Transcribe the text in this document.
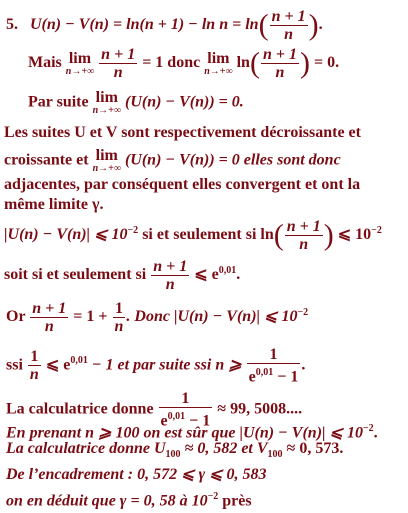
5. $U(n) - V(n) = \ln(n + 1) - \ln n = \ln( \frac{n + 1}{n}$ ).
Mais lim
n→+∞
$\frac{n + 1}{n} = 1$ donc lim
n→+∞ $\ln( \frac{n + 1}{n}$ ) = 0.
Par suite lim
n→+∞ (U(n) − V(n)) = 0.
Les suites U et V sont respectivement décroissante et
croissante et lim
n→+∞ (U(n) − V(n)) = 0 elles sont donc
adjacentes, par conséquent elles convergent et ont la
même limite γ.
|U(n) − V(n)| ⩽ $10^{-2}$ si et seulement si $\ln( \frac{n + 1}{n}$ ) ⩽ $10^{-2}$
soit si et seulement si $\frac{n + 1}{n}$ ⩽ $e^{0,01}$.
Or $\frac{n + 1}{n} = 1 + \frac{1}{n}$ . Donc |U(n) − V(n)| ⩽ $10^{-2}$
ssi $\frac{1}{n}$ ⩽ $e^{0,01} - 1$ et par suite ssi n ⩾ $\frac{1}{e^{0,01} - 1}$ .
La calculatrice donne $\frac{1}{e^{0,01} - 1} \approx 99$, 5008....
En prenant n ⩾ 100 on est sûr que |U(n) − V(n)| ⩽ $10^{-2}$.
La calculatrice donne $U_{100} \approx 0$, 582 et $V_{100} \approx 0$, 573.
De l’encadrement : 0, 572 ⩽ γ ⩽ 0, 583
on en déduit que γ = 0, 58 à $10^{-2}$ près
